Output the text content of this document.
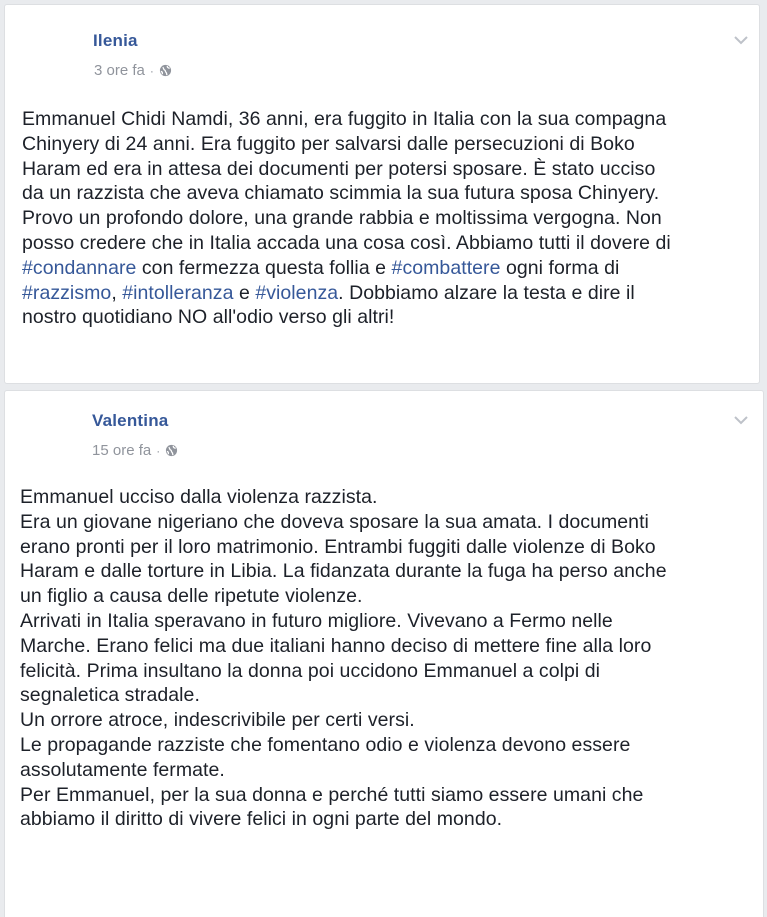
Ilenia
3 ore fa ·
Emmanuel Chidi Namdi, 36 anni, era fuggito in Italia con la sua compagna
Chinyery di 24 anni. Era fuggito per salvarsi dalle persecuzioni di Boko
Haram ed era in attesa dei documenti per potersi sposare. È stato ucciso
da un razzista che aveva chiamato scimmia la sua futura sposa Chinyery.
Provo un profondo dolore, una grande rabbia e moltissima vergogna. Non
posso credere che in Italia accada una cosa così. Abbiamo tutti il dovere di
#condannare con fermezza questa follia e #combattere ogni forma di
#razzismo, #intolleranza e #violenza. Dobbiamo alzare la testa e dire il
nostro quotidiano NO all'odio verso gli altri!
Valentina
15 ore fa ·
Emmanuel ucciso dalla violenza razzista.
Era un giovane nigeriano che doveva sposare la sua amata. I documenti
erano pronti per il loro matrimonio. Entrambi fuggiti dalle violenze di Boko
Haram e dalle torture in Libia. La fidanzata durante la fuga ha perso anche
un figlio a causa delle ripetute violenze.
Arrivati in Italia speravano in futuro migliore. Vivevano a Fermo nelle
Marche. Erano felici ma due italiani hanno deciso di mettere fine alla loro
felicità. Prima insultano la donna poi uccidono Emmanuel a colpi di
segnaletica stradale.
Un orrore atroce, indescrivibile per certi versi.
Le propagande razziste che fomentano odio e violenza devono essere
assolutamente fermate.
Per Emmanuel, per la sua donna e perché tutti siamo essere umani che
abbiamo il diritto di vivere felici in ogni parte del mondo.
